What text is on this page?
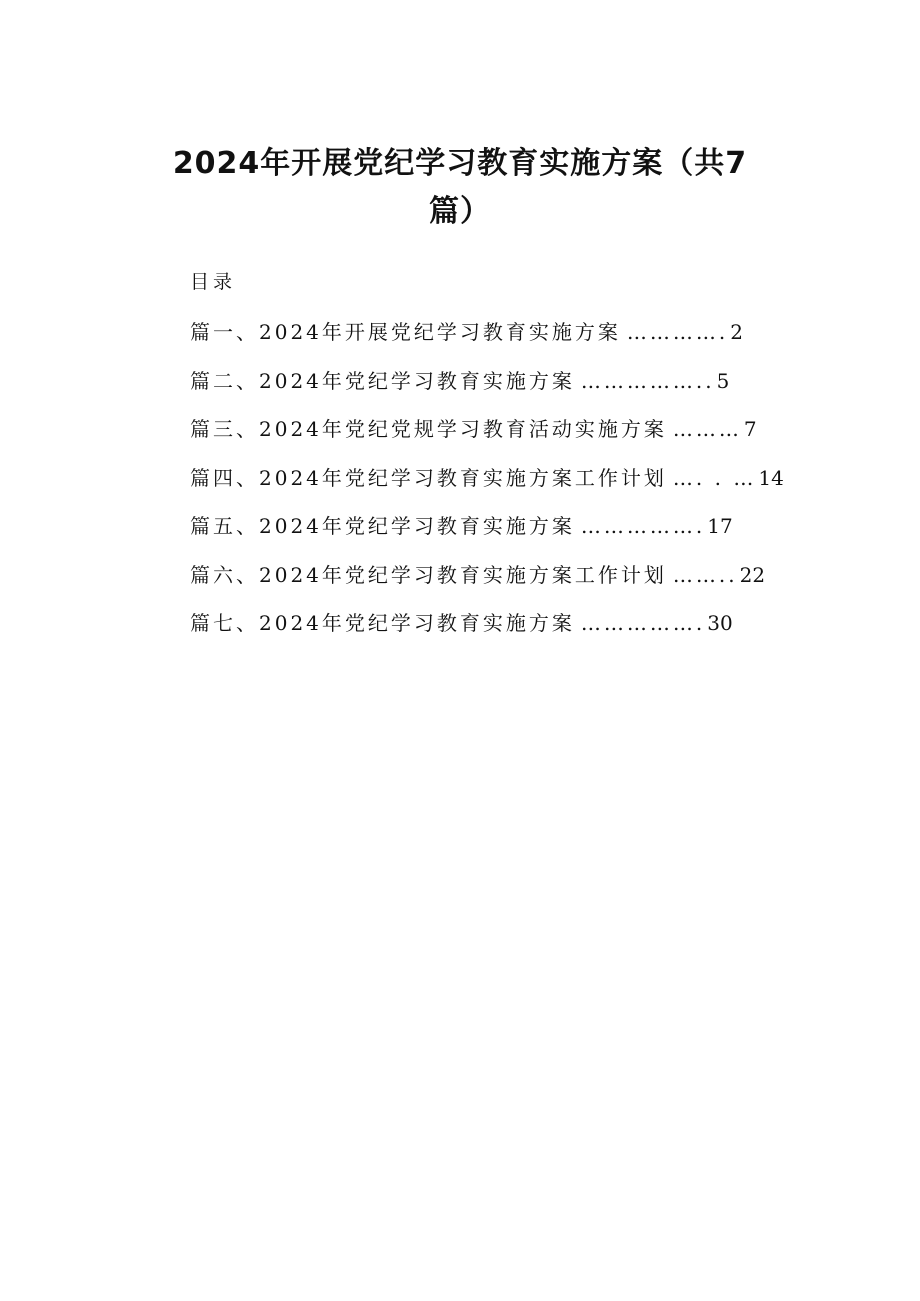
2024年开展党纪学习教育实施方案（共7
篇）

目录

篇一、2024年开展党纪学习教育实施方案 …………. 2
篇二、2024年党纪学习教育实施方案 …………….. 5
篇三、2024年党纪党规学习教育活动实施方案 ……… 7
篇四、2024年党纪学习教育实施方案工作计划 …. . … 14
篇五、2024年党纪学习教育实施方案 ……………. 17
篇六、2024年党纪学习教育实施方案工作计划 …….. 22
篇七、2024年党纪学习教育实施方案 ……………. 30
